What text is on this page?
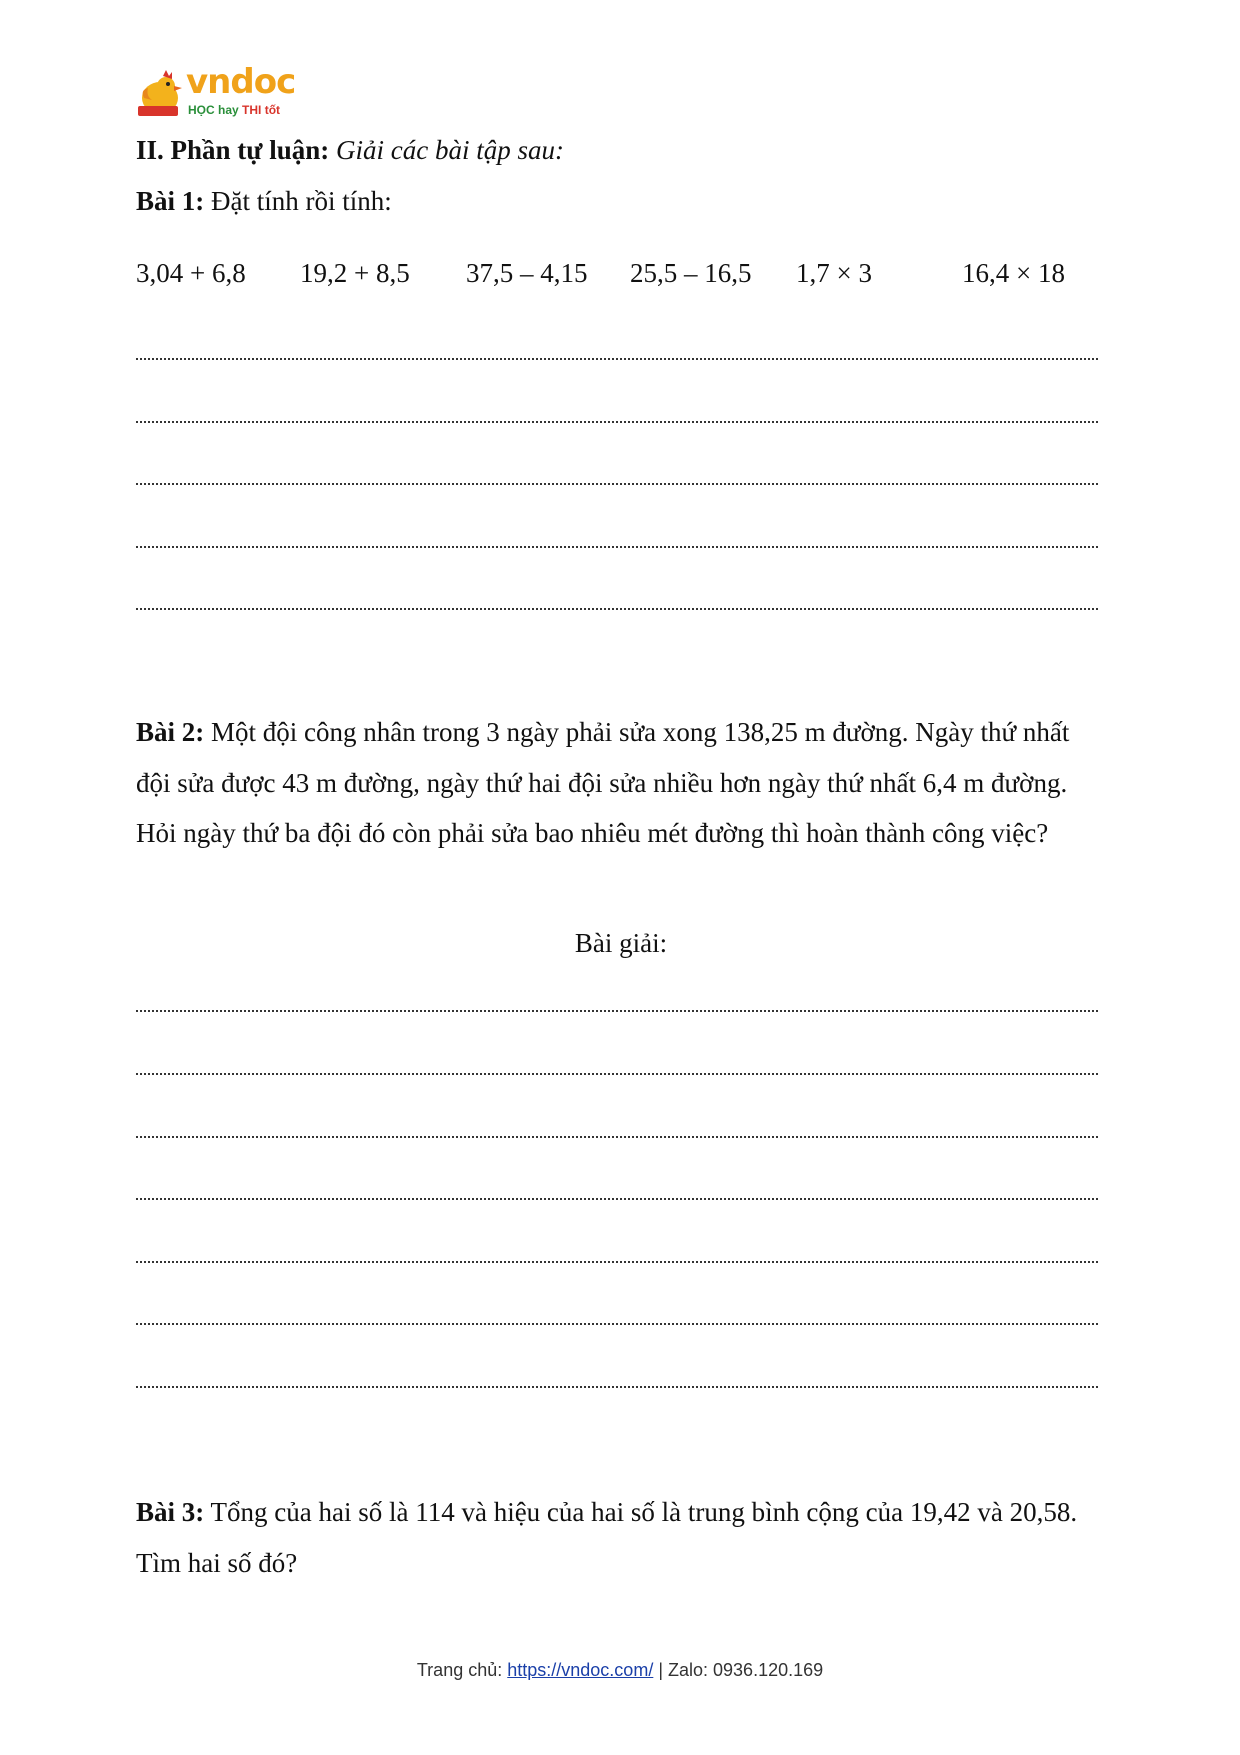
vndoc
HỌC hay THI tốt
II. Phần tự luận: Giải các bài tập sau:
Bài 1: Đặt tính rồi tính:
3,04 + 6,8 19,2 + 8,5 37,5 – 4,15 25,5 – 16,5 1,7 × 3	16,4 × 18
Bài 2: Một đội công nhân trong 3 ngày phải sửa xong 138,25 m đường. Ngày thứ nhất đội sửa được 43 m đường, ngày thứ hai đội sửa nhiều hơn ngày thứ nhất 6,4 m đường. Hỏi ngày thứ ba đội đó còn phải sửa bao nhiêu mét đường thì hoàn thành công việc?
Bài giải:
Bài 3: Tổng của hai số là 114 và hiệu của hai số là trung bình cộng của 19,42 và 20,58. Tìm hai số đó?
Trang chủ: https://vndoc.com/ | Zalo: 0936.120.169
